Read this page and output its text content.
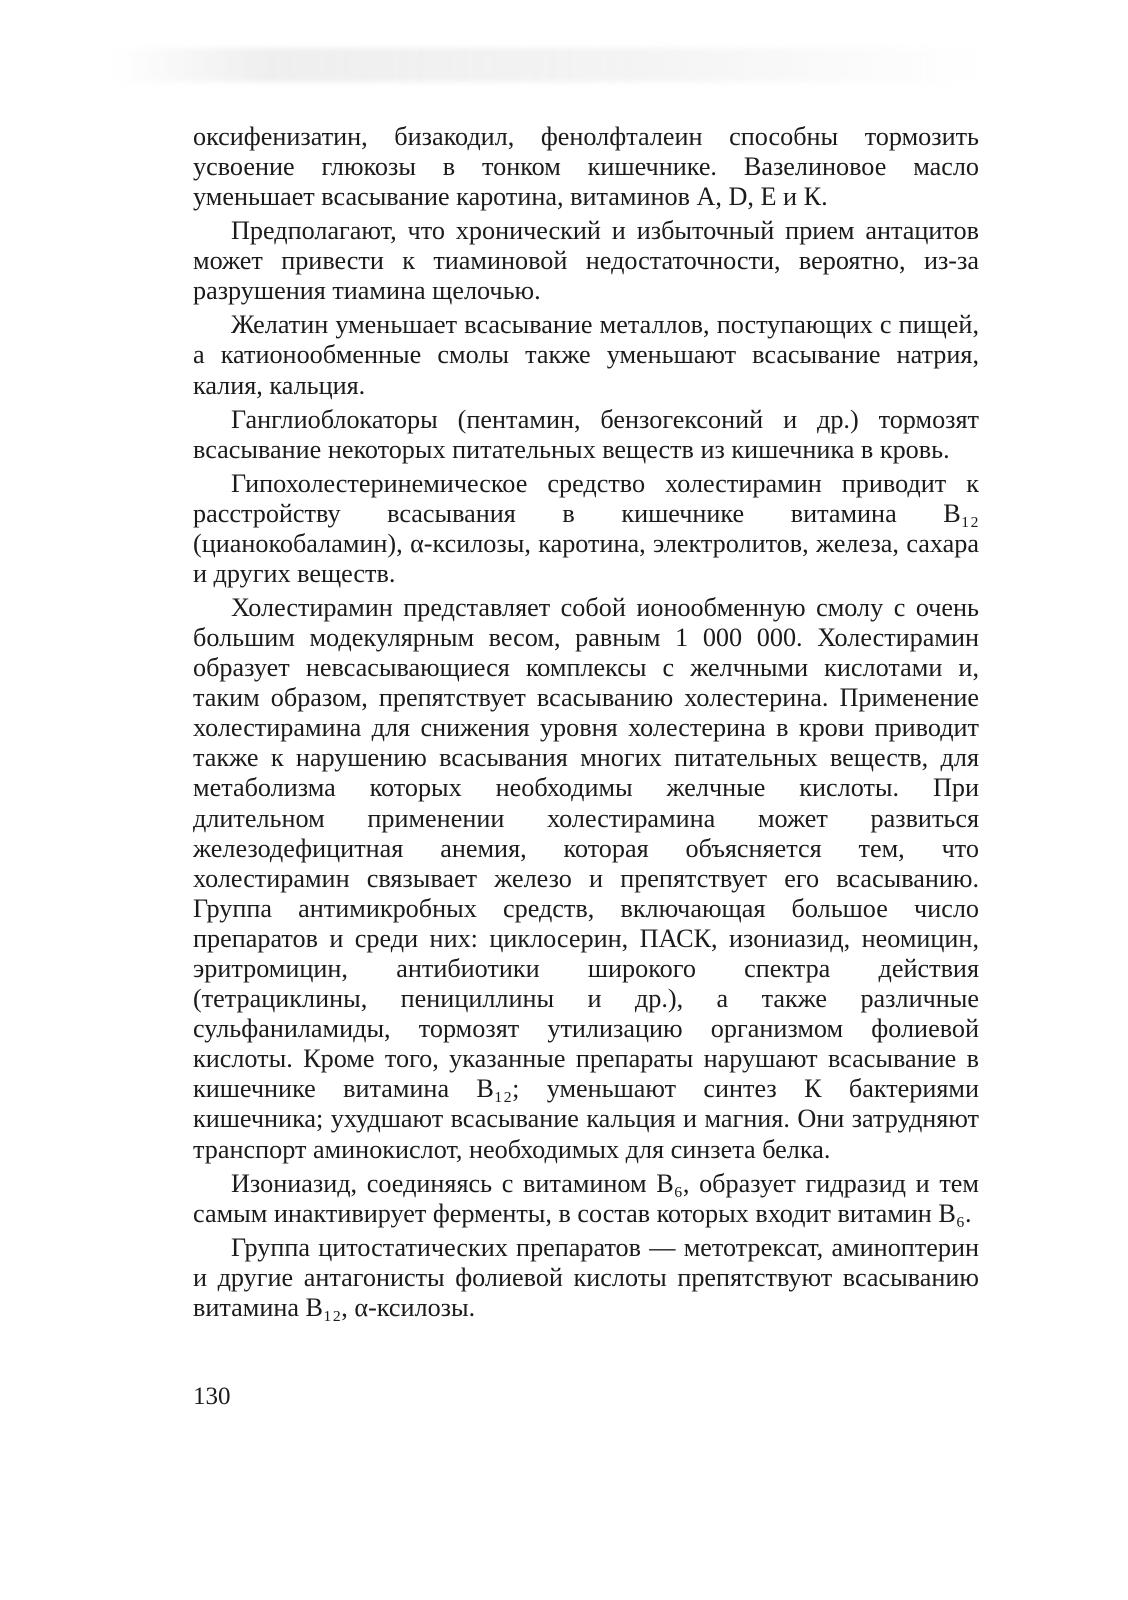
оксифенизатин, бизакодил, фенолфталеин способны тормозить усвоение глюкозы в тонком кишечнике. Вазелиновое масло уменьшает всасывание каротина, витаминов А, D, Е и К.

Предполагают, что хронический и избыточный прием антацитов может привести к тиаминовой недостаточности, вероятно, из-за разрушения тиамина щелочью.

Желатин уменьшает всасывание металлов, поступающих с пищей, а катионообменные смолы также уменьшают всасывание натрия, калия, кальция.

Ганглиоблокаторы (пентамин, бензогексоний и др.) тормозят всасывание некоторых питательных веществ из кишечника в кровь.

Гипохолестеринемическое средство холестирамин приводит к расстройству всасывания в кишечнике витамина B₁₂ (цианокобаламин), α-ксилозы, каротина, электролитов, железа, сахара и других веществ.

Холестирамин представляет собой ионообменную смолу с очень большим модекулярным весом, равным 1 000 000. Холестирамин образует невсасывающиеся комплексы с желчными кислотами и, таким образом, препятствует всасыванию холестерина. Применение холестирамина для снижения уровня холестерина в крови приводит также к нарушению всасывания многих питательных веществ, для метаболизма которых необходимы желчные кислоты. При длительном применении холестирамина может развиться железодефицитная анемия, которая объясняется тем, что холестирамин связывает железо и препятствует его всасыванию. Группа антимикробных средств, включающая большое число препаратов и среди них: циклосерин, ПАСК, изониазид, неомицин, эритромицин, антибиотики широкого спектра действия (тетрациклины, пенициллины и др.), а также различные сульфаниламиды, тормозят утилизацию организмом фолиевой кислоты. Кроме того, указанные препараты нарушают всасывание в кишечнике витамина B₁₂; уменьшают синтез К бактериями кишечника; ухудшают всасывание кальция и магния. Они затрудняют транспорт аминокислот, необходимых для синзета белка.

Изониазид, соединяясь с витамином B₆, образует гидразид и тем самым инактивирует ферменты, в состав которых входит витамин B₆.

Группа цитостатических препаратов — метотрексат, аминоптерин и другие антагонисты фолиевой кислоты препятствуют всасыванию витамина B₁₂, α-ксилозы.

130
